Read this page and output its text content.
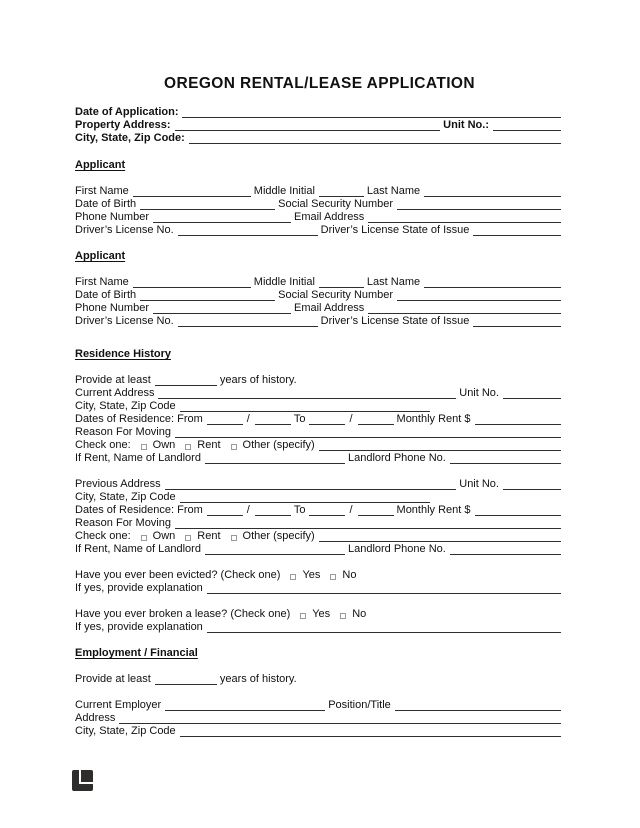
OREGON RENTAL/LEASE APPLICATION
Date of Application:
Property Address:	Unit No.:
City, State, Zip Code:
Applicant
First Name	Middle Initial	Last Name
Date of Birth	Social Security Number
Phone Number	Email Address
Driver’s License No.	Driver’s License State of Issue
Applicant
First Name	Middle Initial	Last Name
Date of Birth	Social Security Number
Phone Number	Email Address
Driver’s License No.	Driver’s License State of Issue
Residence History
Provide at least	years of history.
Current Address	Unit No.
City, State, Zip Code
Dates of Residence: From	/	To	/	Monthly Rent $
Reason For Moving
Check one: Own Rent Other (specify)
If Rent, Name of Landlord	Landlord Phone No.
Previous Address	Unit No.
City, State, Zip Code
Dates of Residence: From	/	To	/	Monthly Rent $
Reason For Moving
Check one: Own Rent Other (specify)
If Rent, Name of Landlord	Landlord Phone No.
Have you ever been evicted? (Check one) Yes No
If yes, provide explanation
Have you ever broken a lease? (Check one) Yes No
If yes, provide explanation
Employment / Financial
Provide at least	years of history.
Current Employer	Position/Title
Address
City, State, Zip Code
